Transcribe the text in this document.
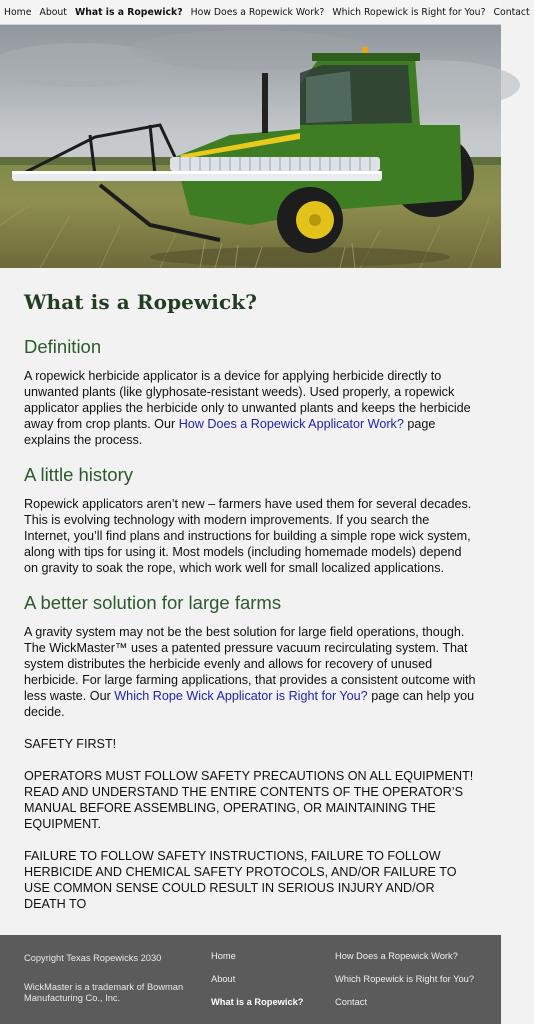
Home About What is a Ropewick? How Does a Ropewick Work? Which Ropewick is Right for You? Contact
What is a Ropewick?
Definition

A ropewick herbicide applicator is a device for applying herbicide directly to unwanted plants (like glyphosate-resistant weeds). Used properly, a ropewick applicator applies the herbicide only to unwanted plants and keeps the herbicide away from crop plants. Our How Does a Ropewick Applicator Work? page explains the process.

A little history

Ropewick applicators aren’t new – farmers have used them for several decades. This is evolving technology with modern improvements. If you search the Internet, you’ll find plans and instructions for building a simple rope wick system, along with tips for using it. Most models (including homemade models) depend on gravity to soak the rope, which work well for small localized applications.

A better solution for large farms

A gravity system may not be the best solution for large field operations, though. The WickMaster™ uses a patented pressure vacuum recirculating system. That system distributes the herbicide evenly and allows for recovery of unused herbicide. For large farming applications, that provides a consistent outcome with less waste. Our Which Rope Wick Applicator is Right for You? page can help you decide.

SAFETY FIRST!

OPERATORS MUST FOLLOW SAFETY PRECAUTIONS ON ALL EQUIPMENT! READ AND UNDERSTAND THE ENTIRE CONTENTS OF THE OPERATOR’S MANUAL BEFORE ASSEMBLING, OPERATING, OR MAINTAINING THE EQUIPMENT.

FAILURE TO FOLLOW SAFETY INSTRUCTIONS, FAILURE TO FOLLOW HERBICIDE AND CHEMICAL SAFETY PROTOCOLS, AND/OR FAILURE TO USE COMMON SENSE COULD RESULT IN SERIOUS INJURY AND/OR DEATH TO

Copyright Texas Ropewicks 2030
WickMaster is a trademark of Bowman Manufacturing Co., Inc.
Home
About
What is a Ropewick?
How Does a Ropewick Work?
Which Ropewick is Right for You?
Contact
